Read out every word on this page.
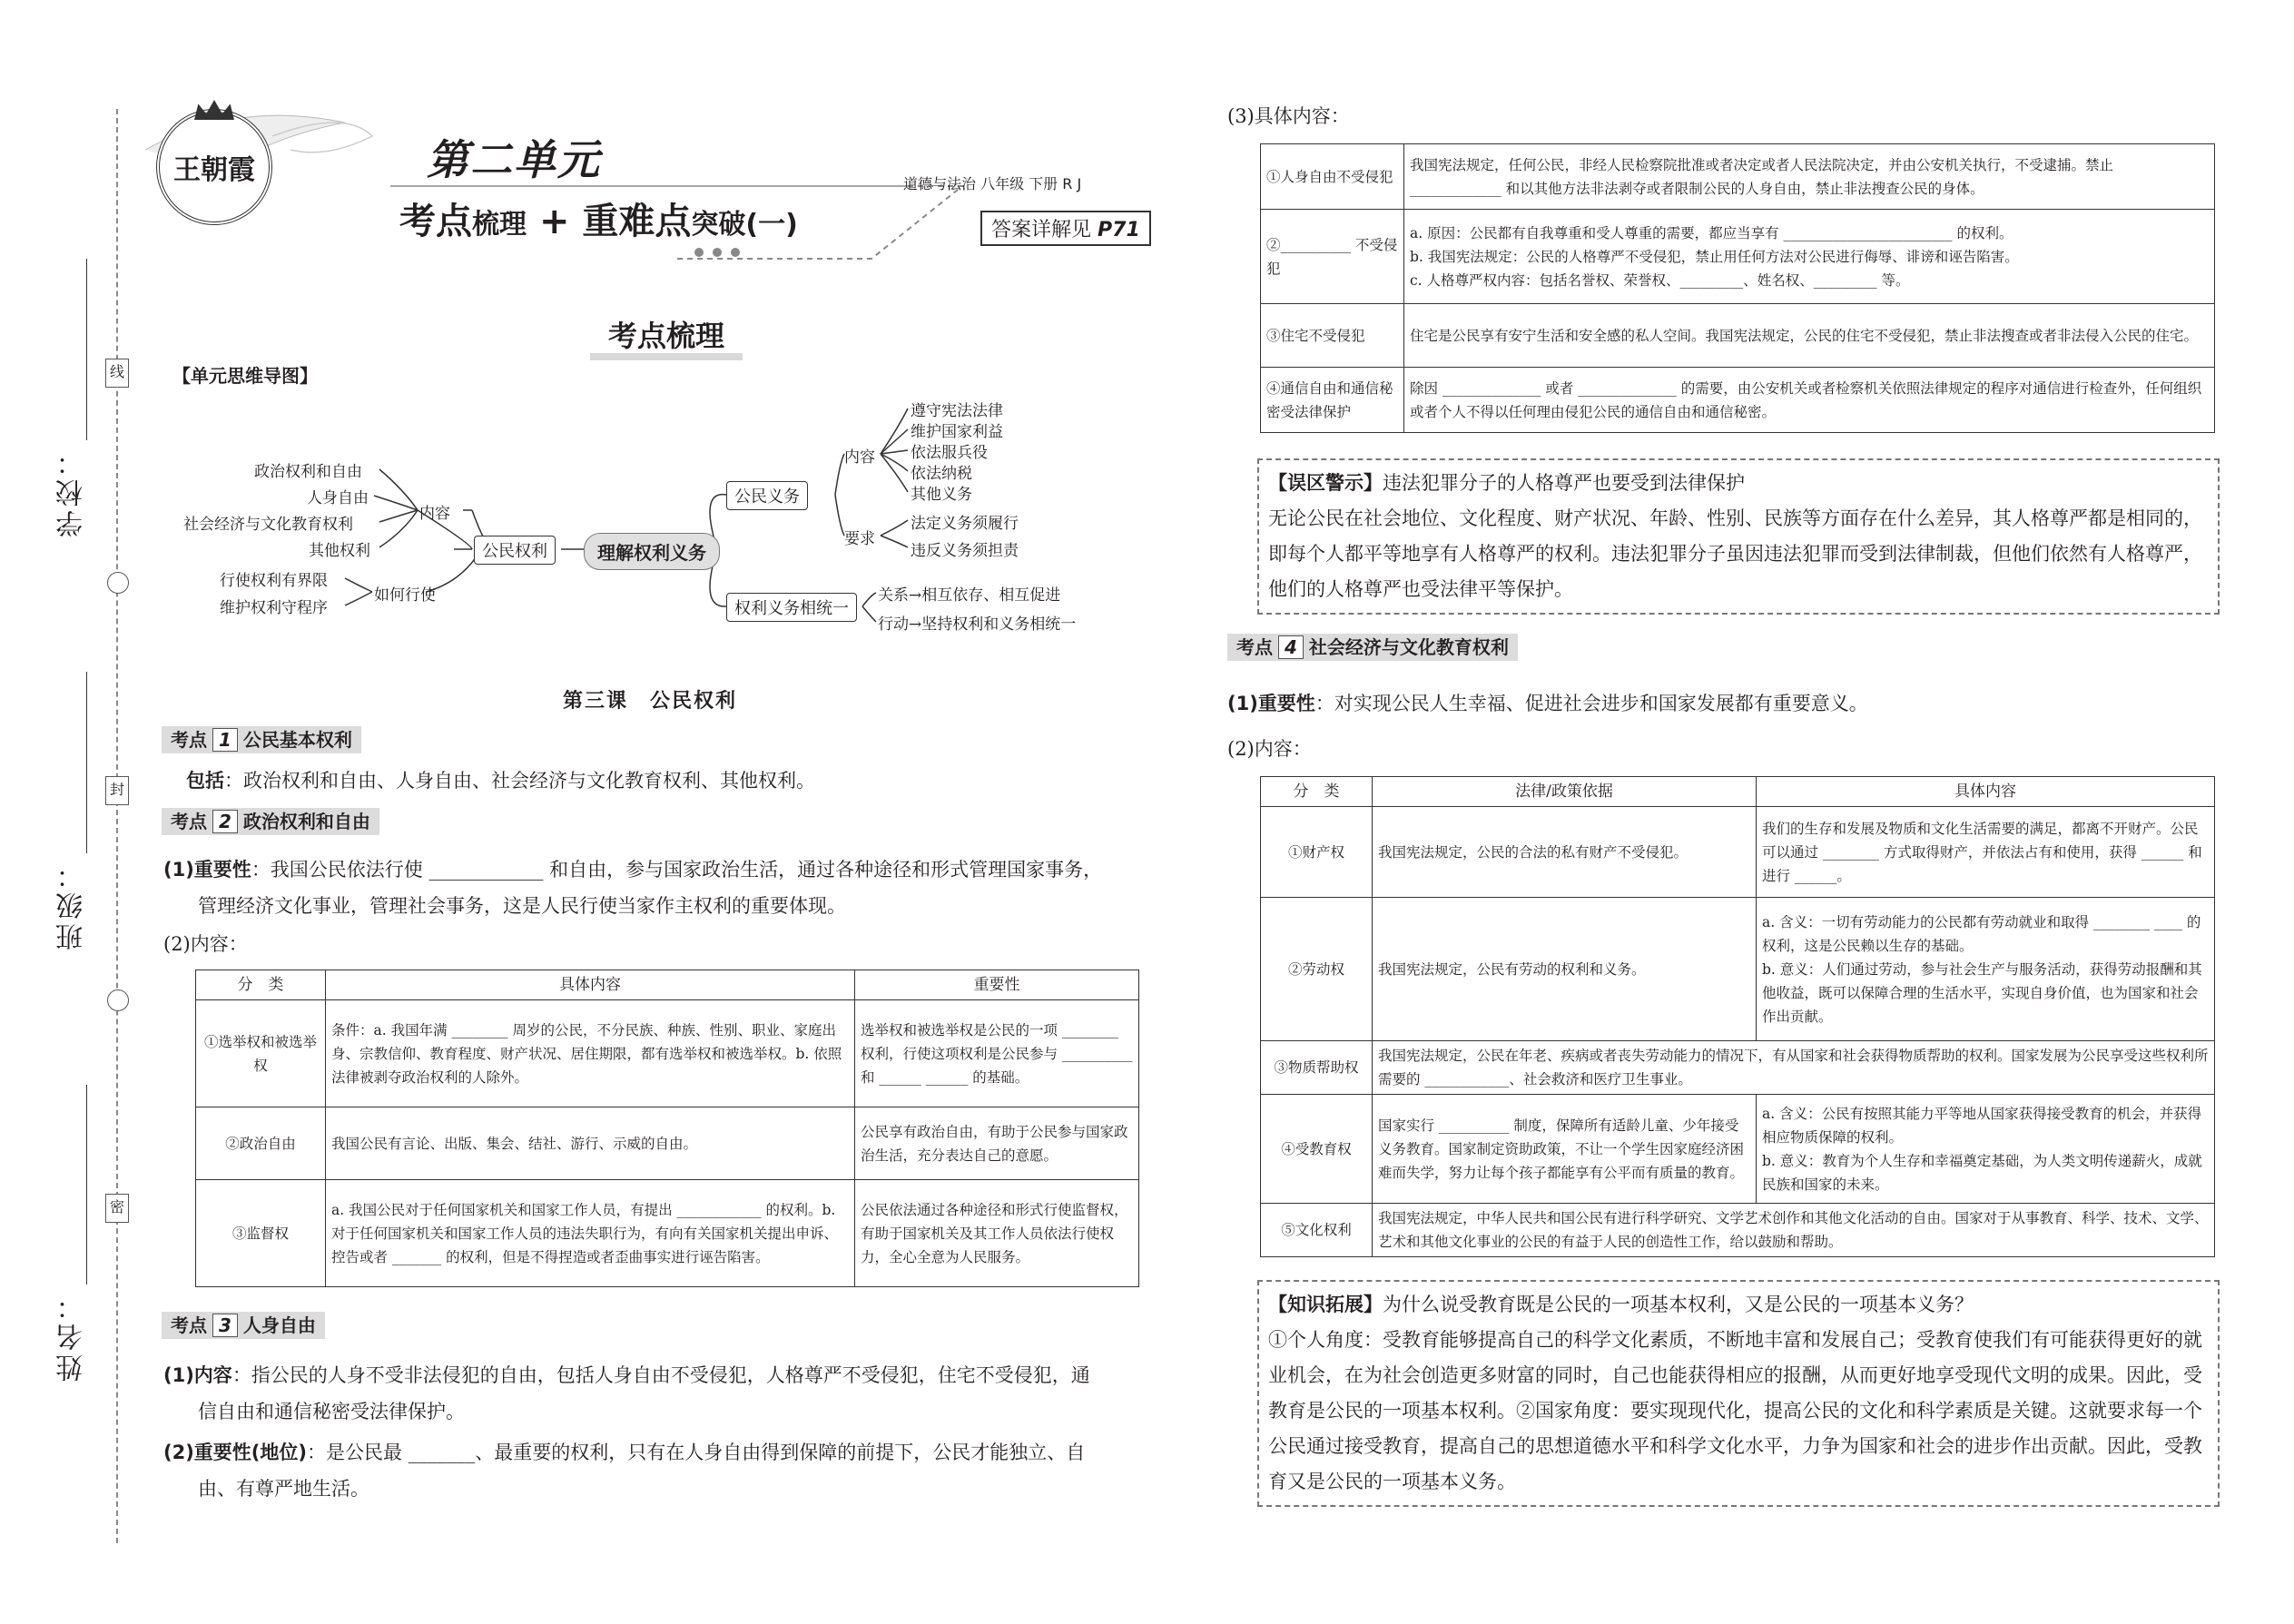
学校：
班级：
姓名：
线
封
密
王朝霞	第二单元
考点梳理 + 重难点突破(一)
道德与法治 八年级 下册 R J
答案详解见 P71
考点梳理
【单元思维导图】
政治权利和自由
人身自由
社会经济与文化教育权利
其他权利
内容
行使权利有界限
维护权利守程序
如何行使
公民权利	理解权利义务
公民义务
权利义务相统一
内容
遵守宪法法律
维护国家利益
依法服兵役
依法纳税
其他义务
要求
法定义务须履行
违反义务须担责
关系→相互依存、相互促进
行动→坚持权利和义务相统一
第三课　公民权利
考点 1 公民基本权利
包括：政治权利和自由、人身自由、社会经济与文化教育权利、其他权利。
考点 2 政治权利和自由
(1)重要性：我国公民依法行使 ____________ 和自由，参与国家政治生活，通过各种途径和形式管理国家事务，
管理经济文化事业，管理社会事务，这是人民行使当家作主权利的重要体现。
(2)内容：
分　类	具体内容	重要性
①选举权和被选举权	条件：a. 我国年满 ________ 周岁的公民，不分民族、种族、性别、职业、家庭出身、宗教信仰、教育程度、财产状况、居住期限，都有选举权和被选举权。b. 依照法律被剥夺政治权利的人除外。	选举权和被选举权是公民的一项 ________ 权利，行使这项权利是公民参与 __________ 和 ______ ______ 的基础。
②政治自由	我国公民有言论、出版、集会、结社、游行、示威的自由。	公民享有政治自由，有助于公民参与国家政治生活，充分表达自己的意愿。
③监督权	a. 我国公民对于任何国家机关和国家工作人员，有提出 ____________ 的权利。b. 对于任何国家机关和国家工作人员的违法失职行为，有向有关国家机关提出申诉、控告或者 _______ 的权利，但是不得捏造或者歪曲事实进行诬告陷害。	公民依法通过各种途径和形式行使监督权，有助于国家机关及其工作人员依法行使权力，全心全意为人民服务。
考点 3 人身自由
(1)内容：指公民的人身不受非法侵犯的自由，包括人身自由不受侵犯，人格尊严不受侵犯，住宅不受侵犯，通
信自由和通信秘密受法律保护。
(2)重要性(地位)：是公民最 _______、最重要的权利，只有在人身自由得到保障的前提下，公民才能独立、自
由、有尊严地生活。
(3)具体内容：
①人身自由不受侵犯	我国宪法规定，任何公民，非经人民检察院批准或者决定或者人民法院决定，并由公安机关执行，不受逮捕。禁止 _____________ 和以其他方法非法剥夺或者限制公民的人身自由，禁止非法搜查公民的身体。
②__________ 不受侵犯	a. 原因：公民都有自我尊重和受人尊重的需要，都应当享有 ________________________ 的权利。
b. 我国宪法规定：公民的人格尊严不受侵犯，禁止用任何方法对公民进行侮辱、诽谤和诬告陷害。
c. 人格尊严权内容：包括名誉权、荣誉权、_________、姓名权、_________ 等。
③住宅不受侵犯	住宅是公民享有安宁生活和安全感的私人空间。我国宪法规定，公民的住宅不受侵犯，禁止非法搜查或者非法侵入公民的住宅。
④通信自由和通信秘密受法律保护	除因 ______________ 或者 ______________ 的需要，由公安机关或者检察机关依照法律规定的程序对通信进行检查外，任何组织或者个人不得以任何理由侵犯公民的通信自由和通信秘密。
【误区警示】违法犯罪分子的人格尊严也要受到法律保护
无论公民在社会地位、文化程度、财产状况、年龄、性别、民族等方面存在什么差异，其人格尊严都是相同的，即每个人都平等地享有人格尊严的权利。违法犯罪分子虽因违法犯罪而受到法律制裁，但他们依然有人格尊严，他们的人格尊严也受法律平等保护。
考点 4 社会经济与文化教育权利
(1)重要性：对实现公民人生幸福、促进社会进步和国家发展都有重要意义。
(2)内容：
分　类	法律/政策依据	具体内容
①财产权	我国宪法规定，公民的合法的私有财产不受侵犯。	我们的生存和发展及物质和文化生活需要的满足，都离不开财产。公民可以通过 ________ 方式取得财产，并依法占有和使用，获得 ______ 和进行 ______。
②劳动权	我国宪法规定，公民有劳动的权利和义务。	a. 含义：一切有劳动能力的公民都有劳动就业和取得 ________ ____ 的权利，这是公民赖以生存的基础。
b. 意义：人们通过劳动，参与社会生产与服务活动，获得劳动报酬和其他收益，既可以保障合理的生活水平，实现自身价值，也为国家和社会作出贡献。
③物质帮助权	我国宪法规定，公民在年老、疾病或者丧失劳动能力的情况下，有从国家和社会获得物质帮助的权利。国家发展为公民享受这些权利所需要的 ____________、社会救济和医疗卫生事业。	
④受教育权	国家实行 __________ 制度，保障所有适龄儿童、少年接受义务教育。国家制定资助政策，不让一个学生因家庭经济困难而失学，努力让每个孩子都能享有公平而有质量的教育。	a. 含义：公民有按照其能力平等地从国家获得接受教育的机会，并获得相应物质保障的权利。
b. 意义：教育为个人生存和幸福奠定基础，为人类文明传递薪火，成就民族和国家的未来。
⑤文化权利	我国宪法规定，中华人民共和国公民有进行科学研究、文学艺术创作和其他文化活动的自由。国家对于从事教育、科学、技术、文学、艺术和其他文化事业的公民的有益于人民的创造性工作，给以鼓励和帮助。	
【知识拓展】为什么说受教育既是公民的一项基本权利，又是公民的一项基本义务？
①个人角度：受教育能够提高自己的科学文化素质，不断地丰富和发展自己；受教育使我们有可能获得更好的就业机会，在为社会创造更多财富的同时，自己也能获得相应的报酬，从而更好地享受现代文明的成果。因此，受教育是公民的一项基本权利。②国家角度：要实现现代化，提高公民的文化和科学素质是关键。这就要求每一个公民通过接受教育，提高自己的思想道德水平和科学文化水平，力争为国家和社会的进步作出贡献。因此，受教育又是公民的一项基本义务。
